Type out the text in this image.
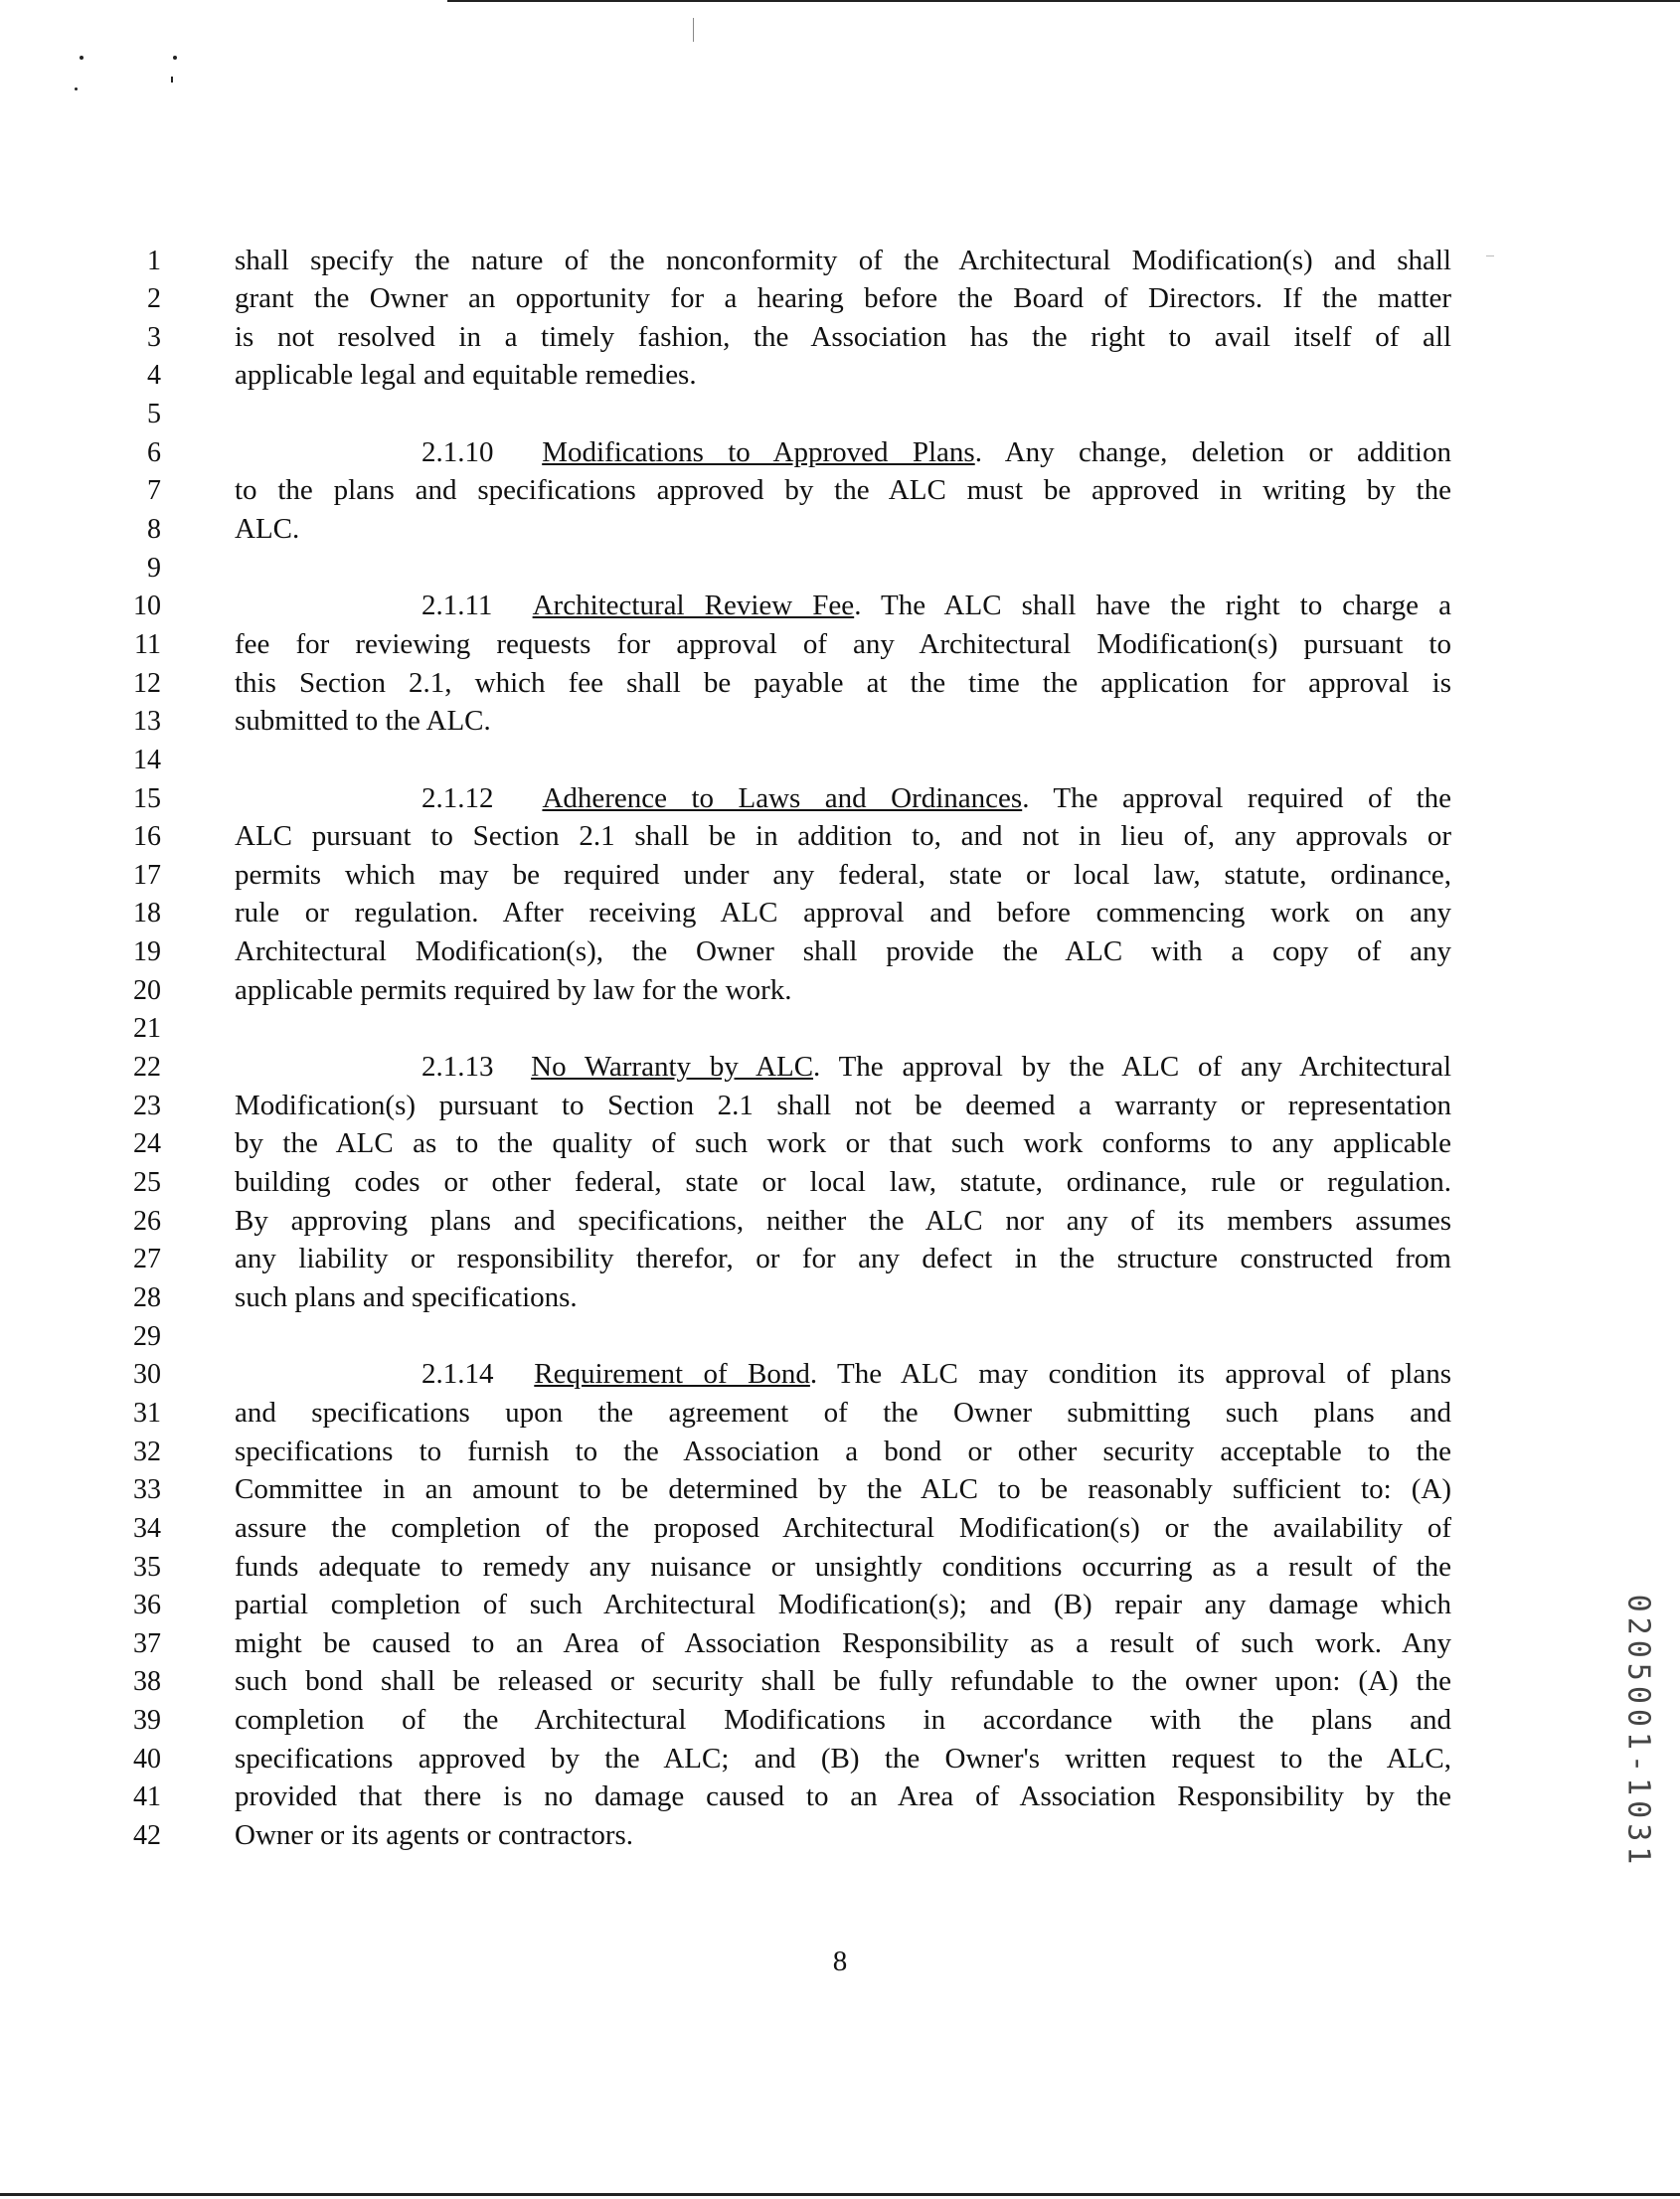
1
2
3
4
5
6
7
8
9
10
11
12
13
14
15
16
17
18
19
20
21
22
23
24
25
26
27
28
29
30
31
32
33
34
35
36
37
38
39
40
41
42
shall specify the nature of the nonconformity of the Architectural Modification(s) and shall
grant the Owner an opportunity for a hearing before the Board of Directors. If the matter
is not resolved in a timely fashion, the Association has the right to avail itself of all
applicable legal and equitable remedies.
2.1.10 Modifications to Approved Plans. Any change, deletion or addition
to the plans and specifications approved by the ALC must be approved in writing by the
ALC.
2.1.11 Architectural Review Fee. The ALC shall have the right to charge a
fee for reviewing requests for approval of any Architectural Modification(s) pursuant to
this Section 2.1, which fee shall be payable at the time the application for approval is
submitted to the ALC.
2.1.12 Adherence to Laws and Ordinances. The approval required of the
ALC pursuant to Section 2.1 shall be in addition to, and not in lieu of, any approvals or
permits which may be required under any federal, state or local law, statute, ordinance,
rule or regulation. After receiving ALC approval and before commencing work on any
Architectural Modification(s), the Owner shall provide the ALC with a copy of any
applicable permits required by law for the work.
2.1.13 No Warranty by ALC. The approval by the ALC of any Architectural
Modification(s) pursuant to Section 2.1 shall not be deemed a warranty or representation
by the ALC as to the quality of such work or that such work conforms to any applicable
building codes or other federal, state or local law, statute, ordinance, rule or regulation.
By approving plans and specifications, neither the ALC nor any of its members assumes
any liability or responsibility therefor, or for any defect in the structure constructed from
such plans and specifications.
2.1.14 Requirement of Bond. The ALC may condition its approval of plans
and specifications upon the agreement of the Owner submitting such plans and
specifications to furnish to the Association a bond or other security acceptable to the
Committee in an amount to be determined by the ALC to be reasonably sufficient to: (A)
assure the completion of the proposed Architectural Modification(s) or the availability of
funds adequate to remedy any nuisance or unsightly conditions occurring as a result of the
partial completion of such Architectural Modification(s); and (B) repair any damage which
might be caused to an Area of Association Responsibility as a result of such work. Any
such bond shall be released or security shall be fully refundable to the owner upon: (A) the
completion of the Architectural Modifications in accordance with the plans and
specifications approved by the ALC; and (B) the Owner's written request to the ALC,
provided that there is no damage caused to an Area of Association Responsibility by the
Owner or its agents or contractors.
8
0205001-1031
